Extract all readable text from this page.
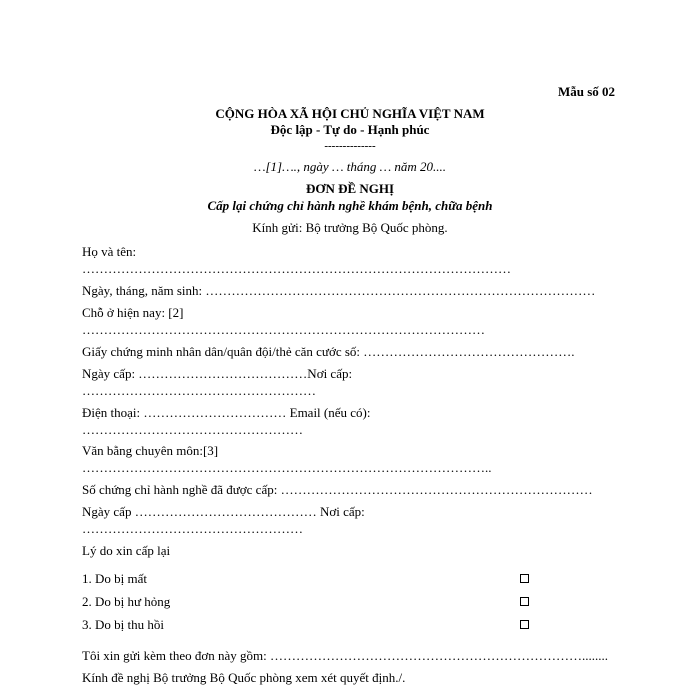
Mẫu số 02
CỘNG HÒA XÃ HỘI CHỦ NGHĨA VIỆT NAM
Độc lập - Tự do - Hạnh phúc
--------------
…[1]…., ngày … tháng … năm 20....
ĐƠN ĐỀ NGHỊ
Cấp lại chứng chỉ hành nghề khám bệnh, chữa bệnh
Kính gửi: Bộ trưởng Bộ Quốc phòng.
Họ và tên:
………………………………………………………………………………………
Ngày, tháng, năm sinh: ………………………………………………………………………………
Chỗ ở hiện nay: [2]
…………………………………………………………………………………
Giấy chứng minh nhân dân/quân đội/thẻ căn cước số: ………………………………………….
Ngày cấp: …………………………………Nơi cấp:
………………………………………………
Điện thoại: …………………………… Email (nếu có):
……………………………………………
Văn bằng chuyên môn:[3]
…………………………………………………………………………………..
Số chứng chỉ hành nghề đã được cấp: ………………………………………………………………
Ngày cấp …………………………………… Nơi cấp:
……………………………………………
Lý do xin cấp lại
1. Do bị mất
2. Do bị hư hỏng
3. Do bị thu hồi
Tôi xin gửi kèm theo đơn này gồm: ………………………………………………………………........
Kính đề nghị Bộ trưởng Bộ Quốc phòng xem xét quyết định./.
